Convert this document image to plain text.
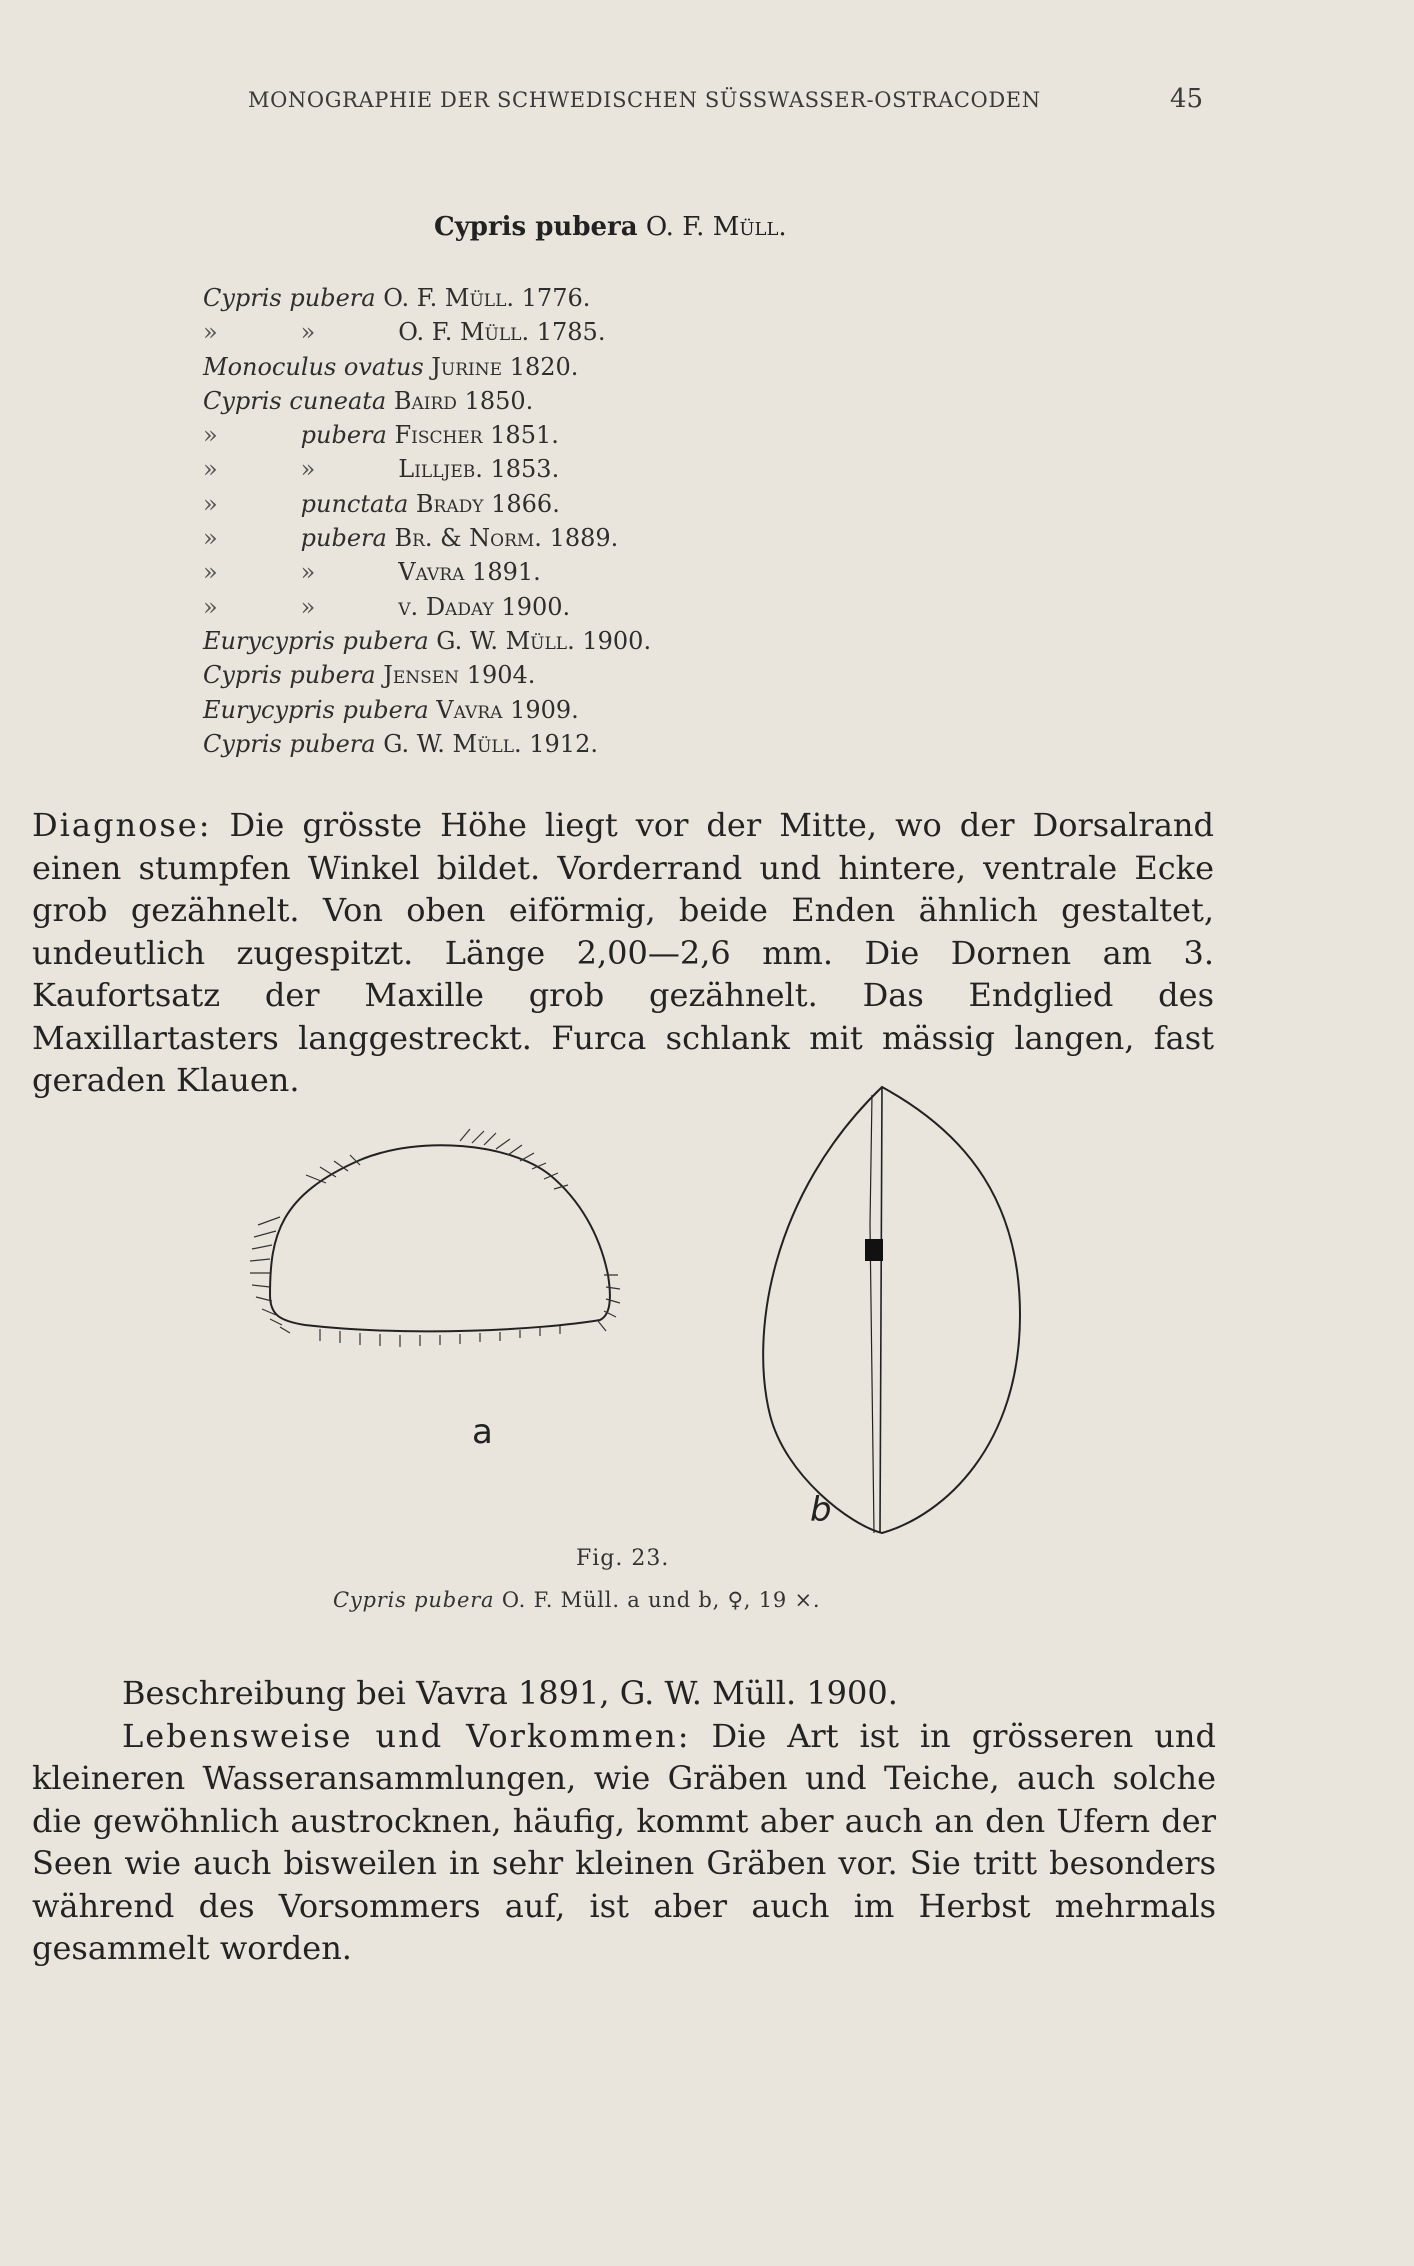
MONOGRAPHIE DER SCHWEDISCHEN SÜSSWASSER-OSTRACODEN	45
Cypris pubera O. F. Müll.
Cypris pubera O. F. Müll. 1776.
»	»	O. F. Müll. 1785.
Monoculus ovatus Jurine 1820.
Cypris cuneata Baird 1850.
»	pubera Fischer 1851.
»	»	Lilljeb. 1853.
»	punctata Brady 1866.
»	pubera Br. & Norm. 1889.
»	»	Vavra 1891.
»	»	v. Daday 1900.
Eurycypris pubera G. W. Müll. 1900.
Cypris pubera Jensen 1904.
Eurycypris pubera Vavra 1909.
Cypris pubera G. W. Müll. 1912.
Diagnose: Die grösste Höhe liegt vor der Mitte, wo der Dorsalrand einen stumpfen Winkel bildet. Vorderrand und hintere, ventrale Ecke grob gezähnelt. Von oben eiförmig, beide Enden ähnlich gestaltet, undeutlich zugespitzt. Länge 2,00—2,6 mm. Die Dornen am 3. Kaufortsatz der Maxille grob gezähnelt. Das Endglied des Maxillartasters langgestreckt. Furca schlank mit mässig langen, fast geraden Klauen.
a
b
Fig. 23.
Cypris pubera O. F. Müll. a und b, ♀, 19 ×.

Beschreibung bei Vavra 1891, G. W. Müll. 1900.

Lebensweise und Vorkommen: Die Art ist in grösseren und kleineren Wasseransammlungen, wie Gräben und Teiche, auch solche die gewöhnlich austrocknen, häufig, kommt aber auch an den Ufern der Seen wie auch bisweilen in sehr kleinen Gräben vor. Sie tritt besonders während des Vorsommers auf, ist aber auch im Herbst mehrmals gesammelt worden.
